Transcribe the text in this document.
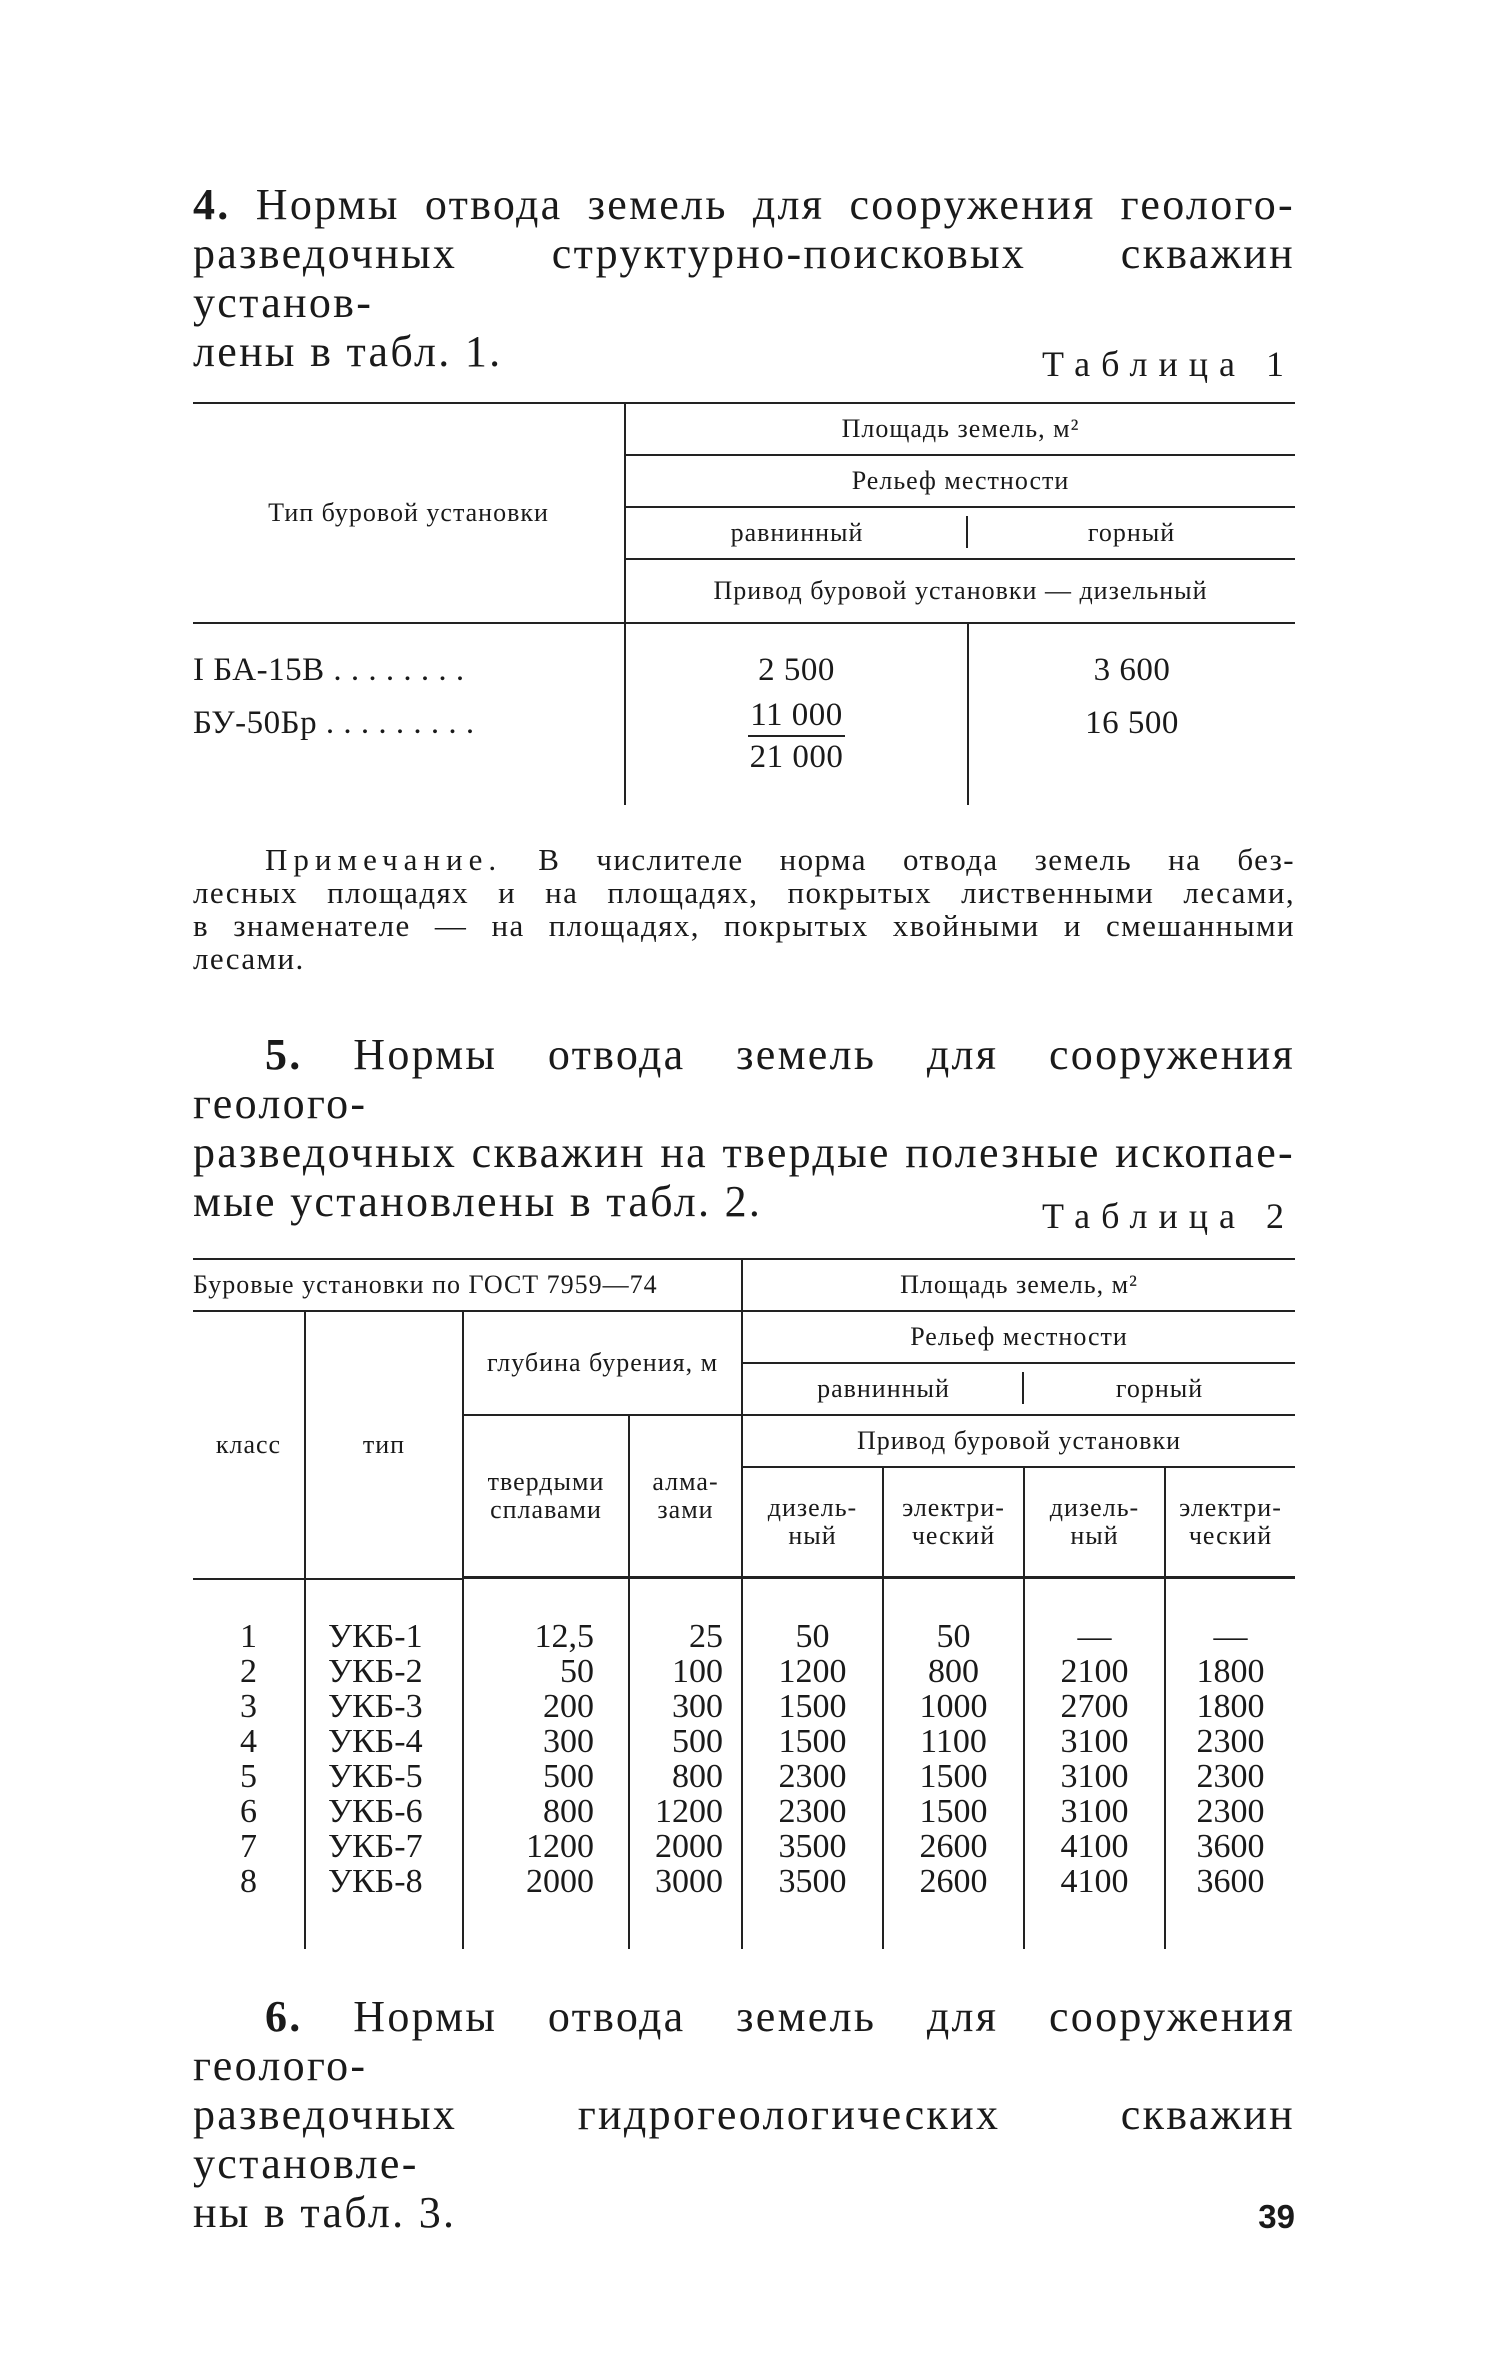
4. Нормы отвода земель для сооружения геолого-
разведочных структурно-поисковых скважин установ-
лены в табл. 1.	Таблица 1
Тип буровой установки	Площадь земель, м²	
	Рельеф местности	
	равнинный	горный
	Привод буровой установки — дизельный	
I БА-15В . . . . . . . .	2 500	3 600
БУ-50Бр . . . . . . . . .	$\frac{11 000}{21 000}$	16 500
Примечание. В числителе норма отвода земель на без-
лесных площадях и на площадях, покрытых лиственными лесами,
в знаменателе — на площадях, покрытых хвойными и смешанными
лесами.
5. Нормы отвода земель для сооружения геолого-
разведочных скважин на твердые полезные ископае-
мые установлены в табл. 2.	Таблица 2
Буровые установки по ГОСТ 7959—74				Площадь земель, м²			
класс	тип	глубина бурения, м		Рельеф местности			
				равнинный		горный	
		твердыми сплавами	алма-зами	Привод буровой установки			
				дизель-ный	электри-ческий	дизель-ный	электри-ческий

1	УКБ-1	12,5	25	50	50	—	—
2	УКБ-2	50	100	1200	800	2100	1800
3	УКБ-3	200	300	1500	1000	2700	1800
4	УКБ-4	300	500	1500	1100	3100	2300
5	УКБ-5	500	800	2300	1500	3100	2300
6	УКБ-6	800	1200	2300	1500	3100	2300
7	УКБ-7	1200	2000	3500	2600	4100	3600
8	УКБ-8	2000	3000	3500	2600	4100	3600

6. Нормы отвода земель для сооружения геолого-
разведочных гидрогеологических скважин установле-
ны в табл. 3.	39
